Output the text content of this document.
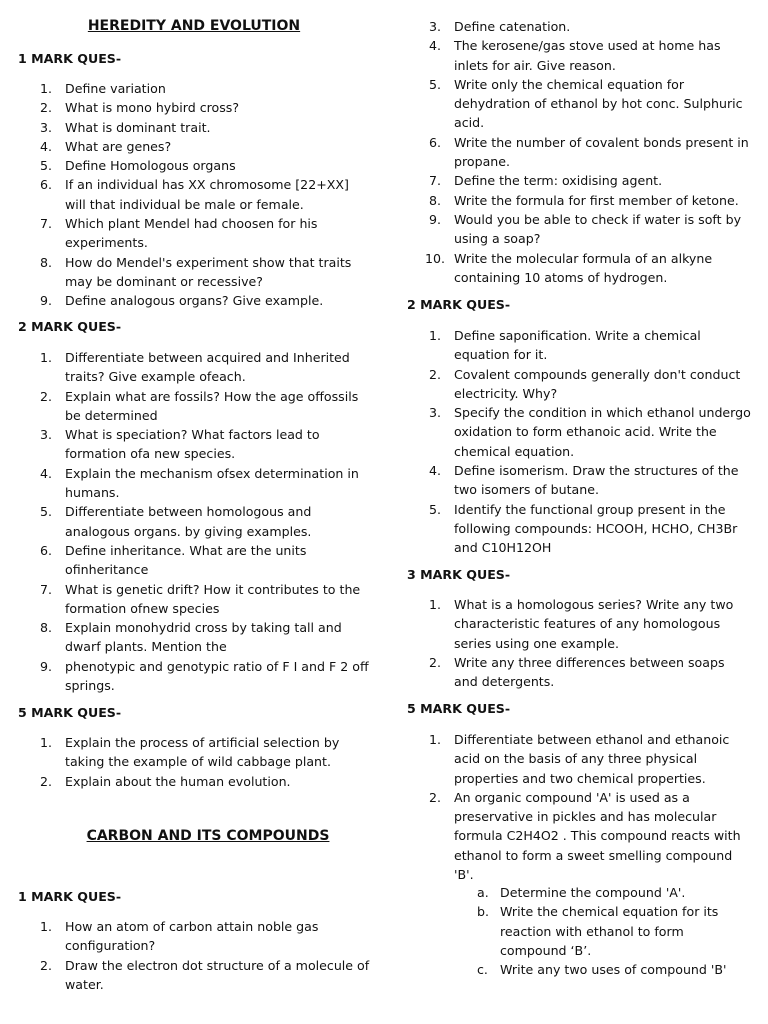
HEREDITY AND EVOLUTION
1 MARK QUES-
1. Define variation
2. What is mono hybird cross?
3. What is dominant trait.
4. What are genes?
5. Define Homologous organs
6. If an individual has XX chromosome [22+XX] will that individual be male or female.
7. Which plant Mendel had choosen for his experiments.
8. How do Mendel's experiment show that traits may be dominant or recessive?
9. Define analogous organs? Give example.
2 MARK QUES-
1. Differentiate between acquired and Inherited traits? Give example ofeach.
2. Explain what are fossils? How the age offossils be determined
3. What is speciation? What factors lead to formation ofa new species.
4. Explain the mechanism ofsex determination in humans.
5. Differentiate between homologous and analogous organs. by giving examples.
6. Define inheritance. What are the units ofinheritance
7. What is genetic drift? How it contributes to the formation ofnew species
8. Explain monohydrid cross by taking tall and dwarf plants. Mention the
9. phenotypic and genotypic ratio of F I and F 2 off springs.
5 MARK QUES-
1. Explain the process of artificial selection by taking the example of wild cabbage plant.
2. Explain about the human evolution.
CARBON AND ITS COMPOUNDS
1 MARK QUES-
1. How an atom of carbon attain noble gas configuration?
2. Draw the electron dot structure of a molecule of water.
3. Define catenation.
4. The kerosene/gas stove used at home has inlets for air. Give reason.
5. Write only the chemical equation for dehydration of ethanol by hot conc. Sulphuric acid.
6. Write the number of covalent bonds present in propane.
7. Define the term: oxidising agent.
8. Write the formula for first member of ketone.
9. Would you be able to check if water is soft by using a soap?
10. Write the molecular formula of an alkyne containing 10 atoms of hydrogen.
2 MARK QUES-
1. Define saponification. Write a chemical equation for it.
2. Covalent compounds generally don't conduct electricity. Why?
3. Specify the condition in which ethanol undergo oxidation to form ethanoic acid. Write the chemical equation.
4. Define isomerism. Draw the structures of the two isomers of butane.
5. Identify the functional group present in the following compounds: HCOOH, HCHO, CH3Br and C10H12OH
3 MARK QUES-
1. What is a homologous series? Write any two characteristic features of any homologous series using one example.
2. Write any three differences between soaps and detergents.
5 MARK QUES-
1. Differentiate between ethanol and ethanoic acid on the basis of any three physical properties and two chemical properties.
2. An organic compound 'A' is used as a preservative in pickles and has molecular formula C2H4O2 . This compound reacts with ethanol to form a sweet smelling compound 'B'.
a. Determine the compound 'A'.
b. Write the chemical equation for its reaction with ethanol to form compound ‘B’.
c. Write any two uses of compound 'B'
